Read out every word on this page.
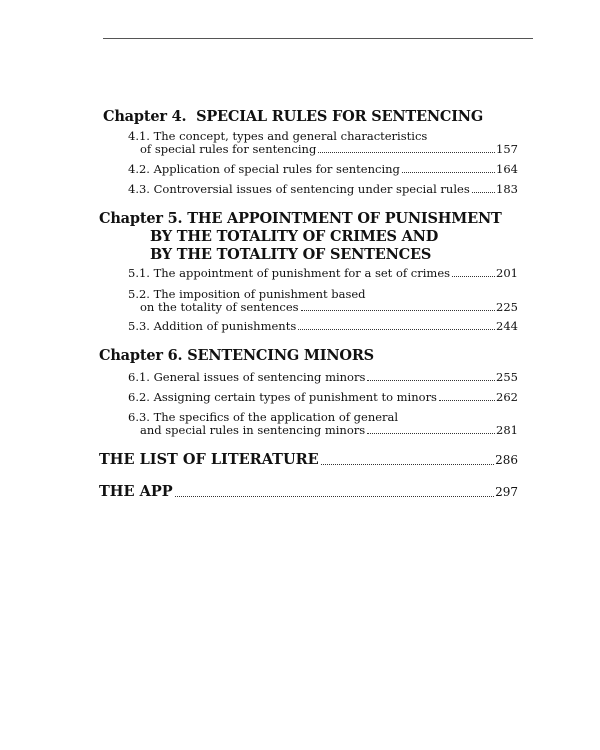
Chapter 4. SPECIAL RULES FOR SENTENCING
4.1. The concept, types and general characteristics
of special rules for sentencing	157
4.2. Application of special rules for sentencing	164
4.3. Controversial issues of sentencing under special rules 183
Chapter 5. THE APPOINTMENT OF PUNISHMENT
BY THE TOTALITY OF CRIMES AND
BY THE TOTALITY OF SENTENCES
5.1. The appointment of punishment for a set of crimes	201
5.2. The imposition of punishment based
on the totality of sentences	225
5.3. Addition of punishments	244
Chapter 6. SENTENCING MINORS
6.1. General issues of sentencing minors	255
6.2. Assigning certain types of punishment to minors	262
6.3. The specifics of the application of general
and special rules in sentencing minors	281
THE LIST OF LITERATURE	286
THE APP	297
